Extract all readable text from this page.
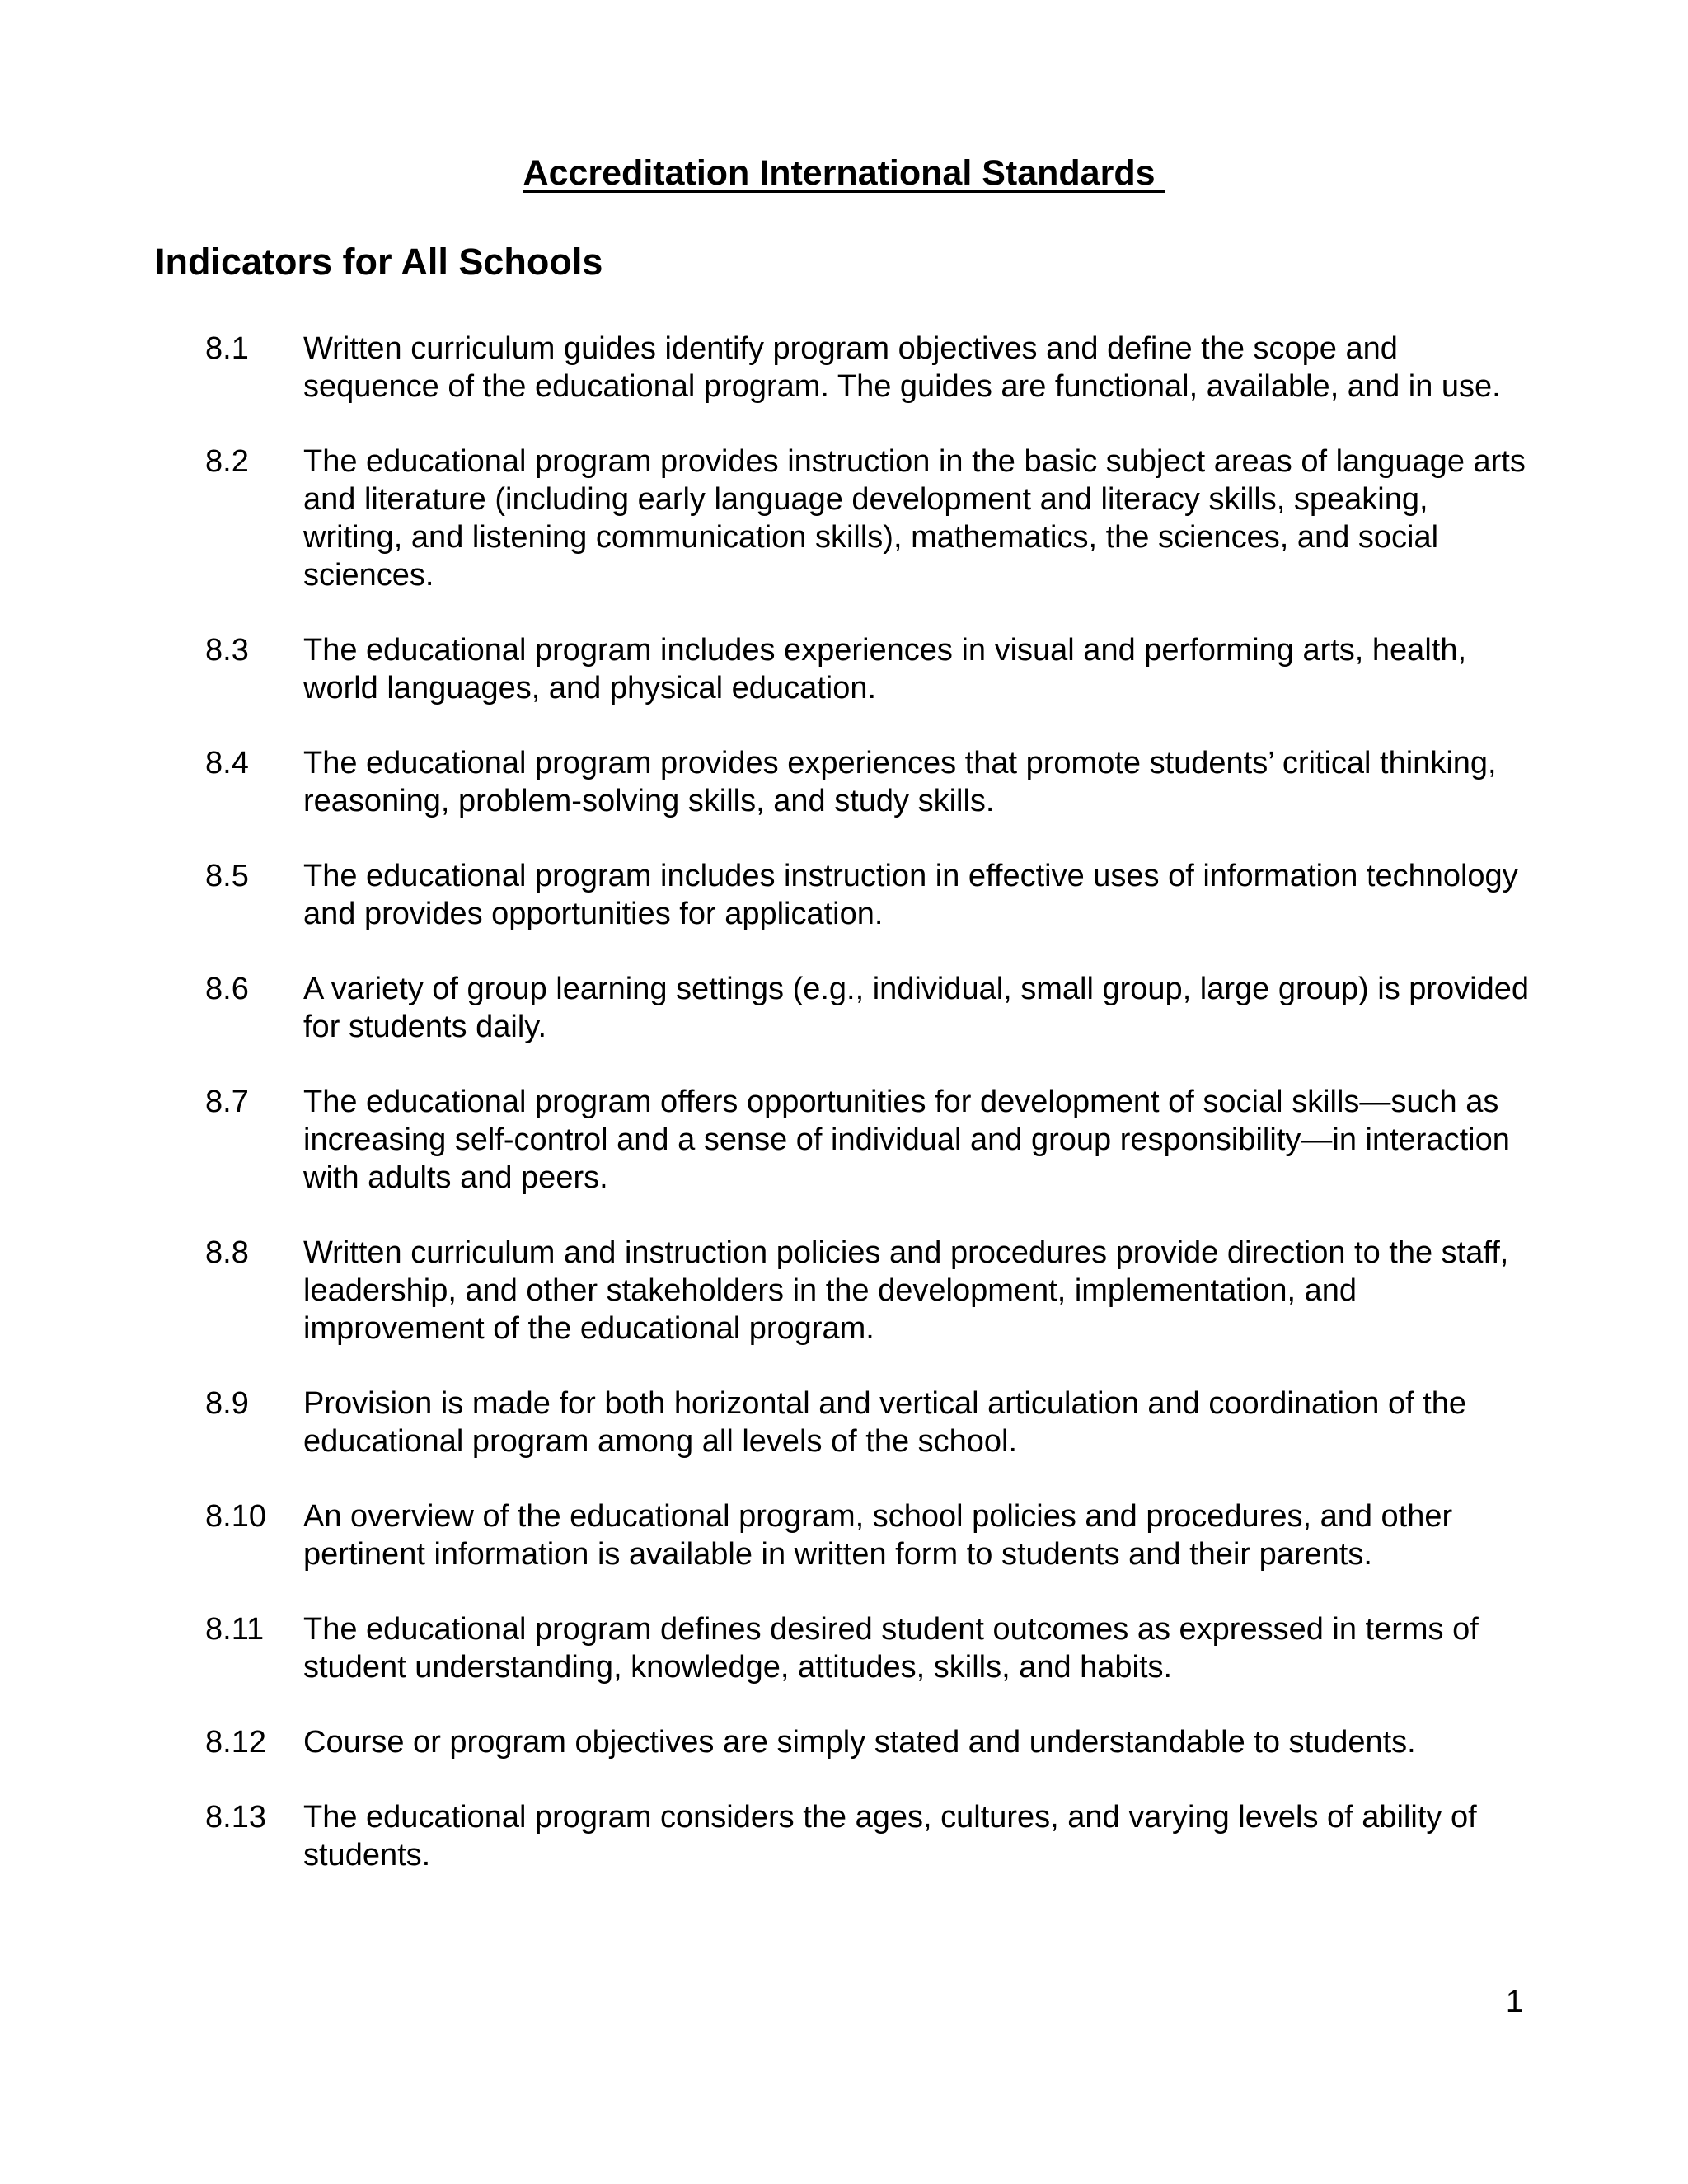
Accreditation International Standards
Indicators for All Schools
8.1 Written curriculum guides identify program objectives and define the scope and sequence of the educational program. The guides are functional, available, and in use.
8.2 The educational program provides instruction in the basic subject areas of language arts and literature (including early language development and literacy skills, speaking, writing, and listening communication skills), mathematics, the sciences, and social sciences.
8.3 The educational program includes experiences in visual and performing arts, health, world languages, and physical education.
8.4 The educational program provides experiences that promote students’ critical thinking, reasoning, problem-solving skills, and study skills.
8.5 The educational program includes instruction in effective uses of information technology and provides opportunities for application.
8.6 A variety of group learning settings (e.g., individual, small group, large group) is provided for students daily.
8.7 The educational program offers opportunities for development of social skills—such as increasing self-control and a sense of individual and group responsibility—in interaction with adults and peers.
8.8 Written curriculum and instruction policies and procedures provide direction to the staff, leadership, and other stakeholders in the development, implementation, and improvement of the educational program.
8.9 Provision is made for both horizontal and vertical articulation and coordination of the educational program among all levels of the school.
8.10 An overview of the educational program, school policies and procedures, and other pertinent information is available in written form to students and their parents.
8.11 The educational program defines desired student outcomes as expressed in terms of student understanding, knowledge, attitudes, skills, and habits.
8.12 Course or program objectives are simply stated and understandable to students.
8.13 The educational program considers the ages, cultures, and varying levels of ability of students.
1
